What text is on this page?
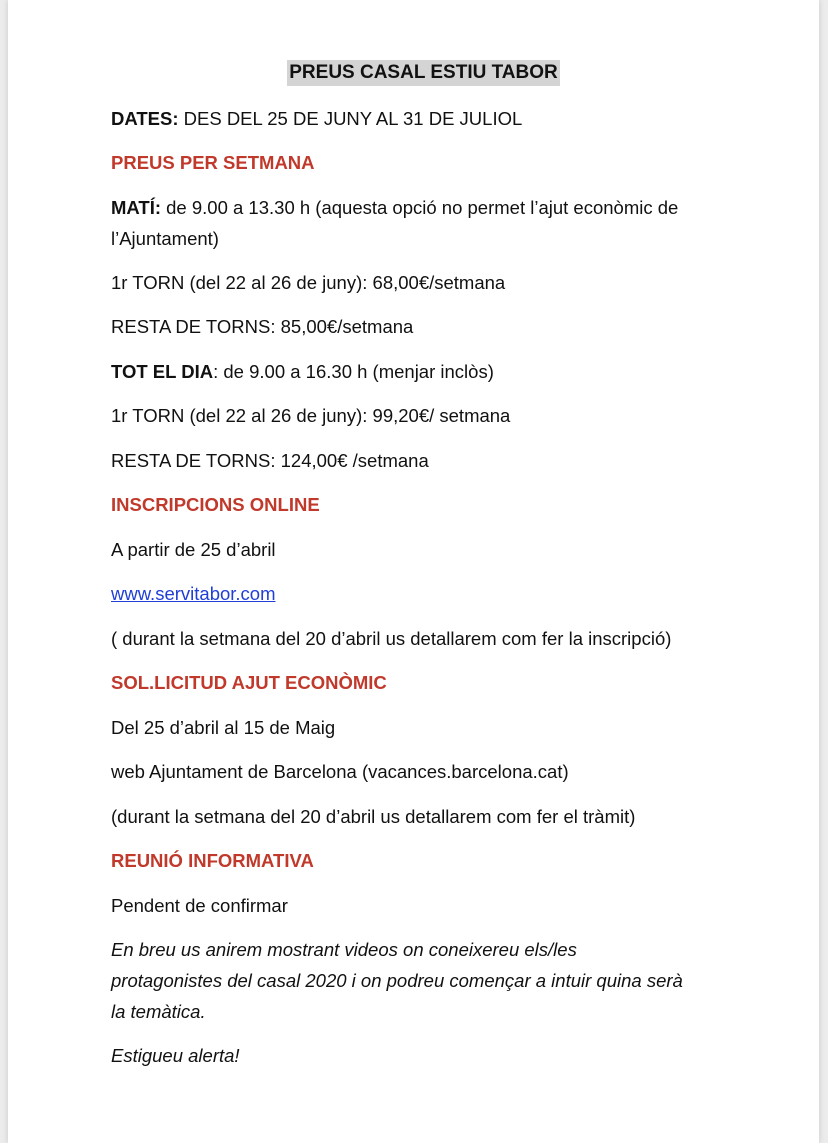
PREUS CASAL ESTIU TABOR
DATES: DES DEL 25 DE JUNY AL 31 DE JULIOL
PREUS PER SETMANA
MATÍ: de 9.00 a 13.30 h (aquesta opció no permet l’ajut econòmic de
l’Ajuntament)
1r TORN (del 22 al 26 de juny): 68,00€/setmana
RESTA DE TORNS: 85,00€/setmana
TOT EL DIA: de 9.00 a 16.30 h (menjar inclòs)
1r TORN (del 22 al 26 de juny): 99,20€/ setmana
RESTA DE TORNS: 124,00€ /setmana
INSCRIPCIONS ONLINE
A partir de 25 d’abril
www.servitabor.com
( durant la setmana del 20 d’abril us detallarem com fer la inscripció)
SOL.LICITUD AJUT ECONÒMIC
Del 25 d’abril al 15 de Maig
web Ajuntament de Barcelona (vacances.barcelona.cat)
(durant la setmana del 20 d’abril us detallarem com fer el tràmit)
REUNIÓ INFORMATIVA
Pendent de confirmar
En breu us anirem mostrant videos on coneixereu els/les
protagonistes del casal 2020 i on podreu començar a intuir quina serà
la temàtica.
Estigueu alerta!
